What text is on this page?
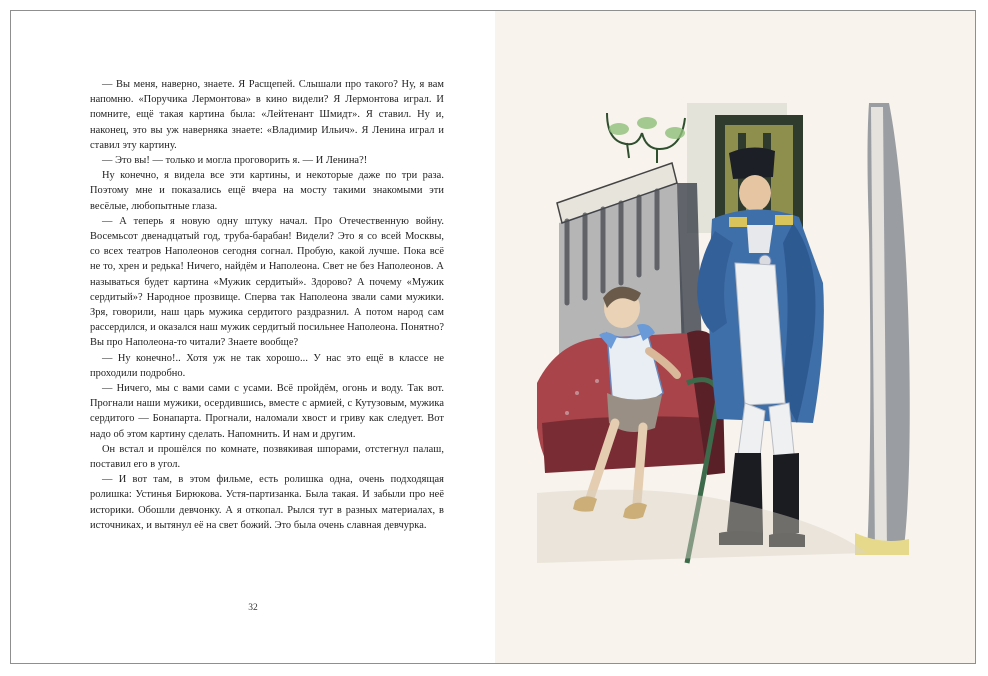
— Вы меня, наверно, знаете. Я Расщепей. Слышали про такого? Ну, я вам напомню. «Поручика Лермонтова» в кино видели? Я Лермонтова играл. И помните, ещё такая картина была: «Лейтенант Шмидт». Я ставил. Ну и, наконец, это вы уж наверняка знаете: «Владимир Ильич». Я Ленина играл и ставил эту картину.

— Это вы! — только и могла проговорить я. — И Ленина?!

Ну конечно, я видела все эти картины, и некоторые даже по три раза. Поэтому мне и показались ещё вчера на мосту такими знакомыми эти весёлые, любопытные глаза.

— А теперь я новую одну штуку начал. Про Отечественную войну. Восемьсот двенадцатый год, труба-барабан! Видели? Это я со всей Москвы, со всех театров Наполеонов сегодня согнал. Пробую, какой лучше. Пока всё не то, хрен и редька! Ничего, найдём и Наполеона. Свет не без Наполеонов. А называться будет картина «Мужик сердитый». Здорово? А почему «Мужик сердитый»? Народное прозвище. Сперва так Наполеона звали сами мужики. Зря, говорили, наш царь мужика сердитого раздразнил. А потом народ сам рассердился, и оказался наш мужик сердитый посильнее Наполеона. Понятно? Вы про Наполеона-то читали? Знаете вообще?

— Ну конечно!.. Хотя уж не так хорошо... У нас это ещё в классе не проходили подробно.

— Ничего, мы с вами сами с усами. Всё пройдём, огонь и воду. Так вот. Прогнали наши мужики, осердившись, вместе с армией, с Кутузовым, мужика сердитого — Бонапарта. Прогнали, наломали хвост и гриву как следует. Вот надо об этом картину сделать. Напомнить. И нам и другим.

Он встал и прошёлся по комнате, позвякивая шпорами, отстегнул палаш, поставил его в угол.

— И вот там, в этом фильме, есть ролишка одна, очень подходящая ролишка: Устинья Бирюкова. Устя-партизанка. Была такая. И забыли про неё историки. Обошли девчонку. А я откопал. Рылся тут в разных материалах, в источниках, и вытянул её на свет божий. Это была очень славная девчурка.

32
